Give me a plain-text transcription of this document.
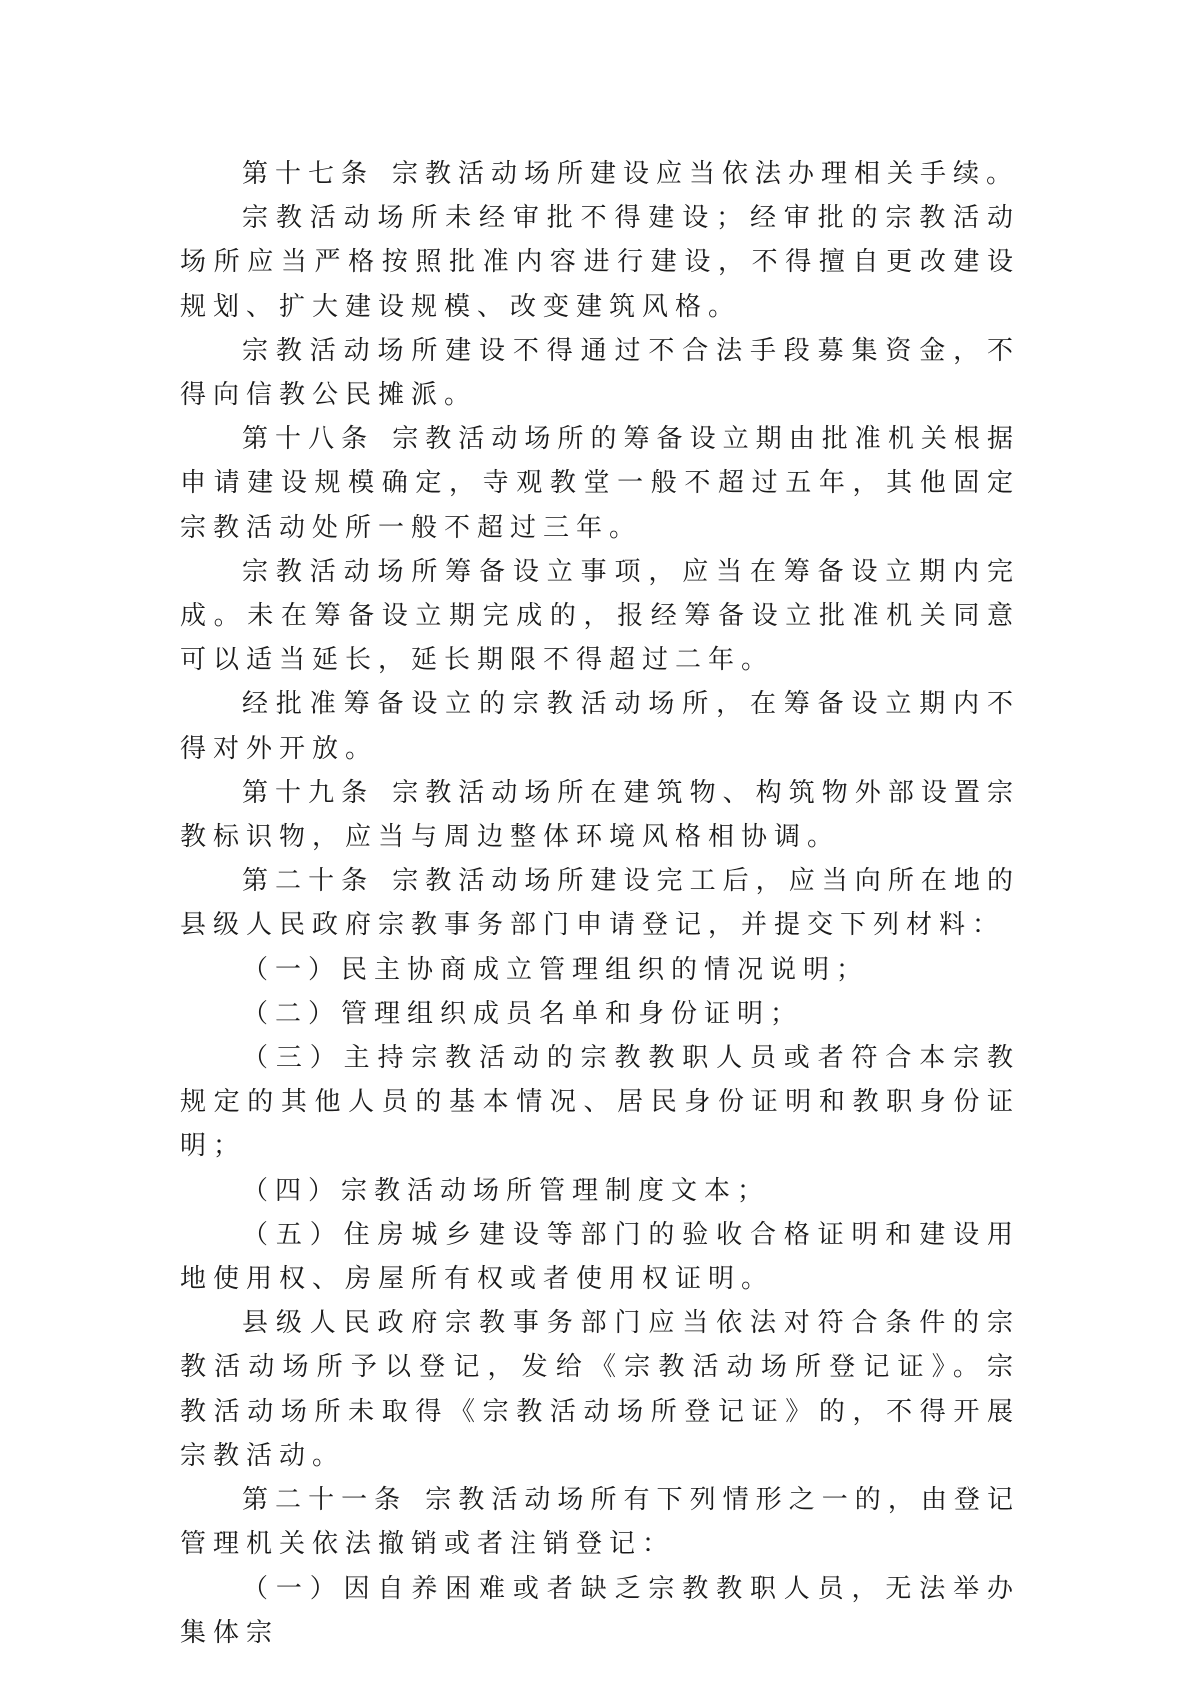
第十七条 宗教活动场所建设应当依法办理相关手续。

宗教活动场所未经审批不得建设；经审批的宗教活动场所应当严格按照批准内容进行建设，不得擅自更改建设规划、扩大建设规模、改变建筑风格。

宗教活动场所建设不得通过不合法手段募集资金，不得向信教公民摊派。

第十八条 宗教活动场所的筹备设立期由批准机关根据申请建设规模确定，寺观教堂一般不超过五年，其他固定宗教活动处所一般不超过三年。

宗教活动场所筹备设立事项，应当在筹备设立期内完成。未在筹备设立期完成的，报经筹备设立批准机关同意可以适当延长，延长期限不得超过二年。

经批准筹备设立的宗教活动场所，在筹备设立期内不得对外开放。

第十九条 宗教活动场所在建筑物、构筑物外部设置宗教标识物，应当与周边整体环境风格相协调。

第二十条 宗教活动场所建设完工后，应当向所在地的县级人民政府宗教事务部门申请登记，并提交下列材料：

（一）民主协商成立管理组织的情况说明；

（二）管理组织成员名单和身份证明；

（三）主持宗教活动的宗教教职人员或者符合本宗教规定的其他人员的基本情况、居民身份证明和教职身份证明；

（四）宗教活动场所管理制度文本；

（五）住房城乡建设等部门的验收合格证明和建设用地使用权、房屋所有权或者使用权证明。

县级人民政府宗教事务部门应当依法对符合条件的宗教活动场所予以登记，发给《宗教活动场所登记证》。宗教活动场所未取得《宗教活动场所登记证》的，不得开展宗教活动。

第二十一条 宗教活动场所有下列情形之一的，由登记管理机关依法撤销或者注销登记：

（一）因自养困难或者缺乏宗教教职人员，无法举办集体宗
